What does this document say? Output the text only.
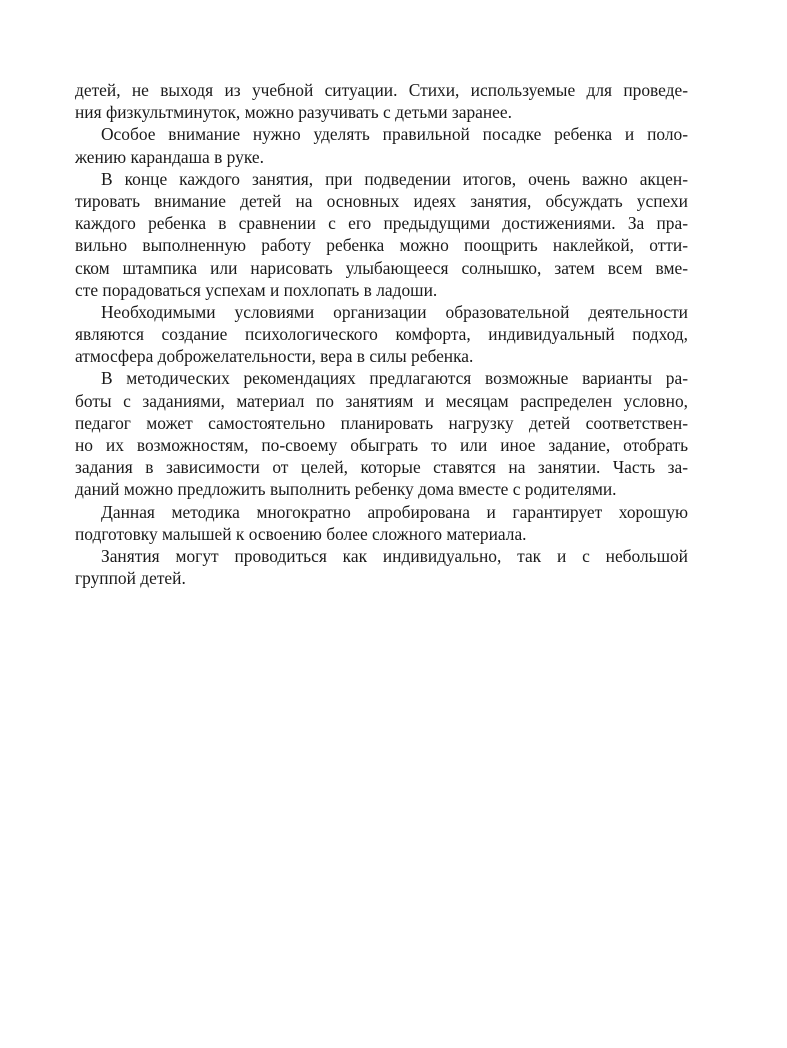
детей, не выходя из учебной ситуации. Стихи, используемые для проведе-
ния физкультминуток, можно разучивать с детьми заранее.

Особое внимание нужно уделять правильной посадке ребенка и поло-
жению карандаша в руке.

В конце каждого занятия, при подведении итогов, очень важно акцен-
тировать внимание детей на основных идеях занятия, обсуждать успехи
каждого ребенка в сравнении с его предыдущими достижениями. За пра-
вильно выполненную работу ребенка можно поощрить наклейкой, отти-
ском штампика или нарисовать улыбающееся солнышко, затем всем вме-
сте порадоваться успехам и похлопать в ладоши.

Необходимыми условиями организации образовательной деятельности
являются создание психологического комфорта, индивидуальный подход,
атмосфера доброжелательности, вера в силы ребенка.

В методических рекомендациях предлагаются возможные варианты ра-
боты с заданиями, материал по занятиям и месяцам распределен условно,
педагог может самостоятельно планировать нагрузку детей соответствен-
но их возможностям, по-своему обыграть то или иное задание, отобрать
задания в зависимости от целей, которые ставятся на занятии. Часть за-
даний можно предложить выполнить ребенку дома вместе с родителями.

Данная методика многократно апробирована и гарантирует хорошую
подготовку малышей к освоению более сложного материала.

Занятия могут проводиться как индивидуально, так и с небольшой
группой детей.
